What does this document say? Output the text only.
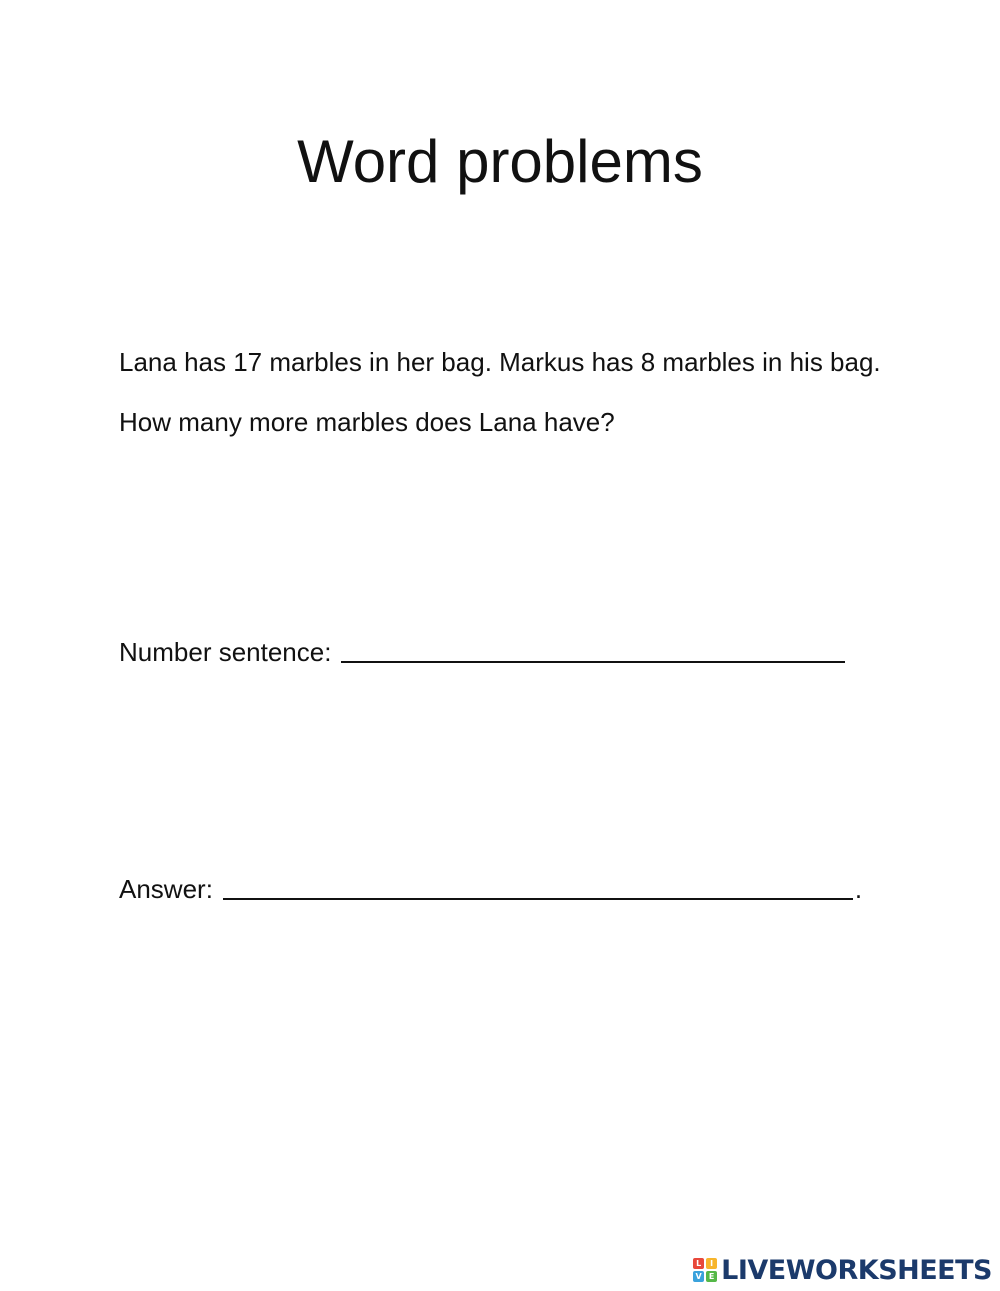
Word problems

Lana has 17 marbles in her bag. Markus has 8 marbles in his bag. How many more marbles does Lana have?

Number sentence:
Answer:	.
L	I
V E LIVEWORKSHEETS
